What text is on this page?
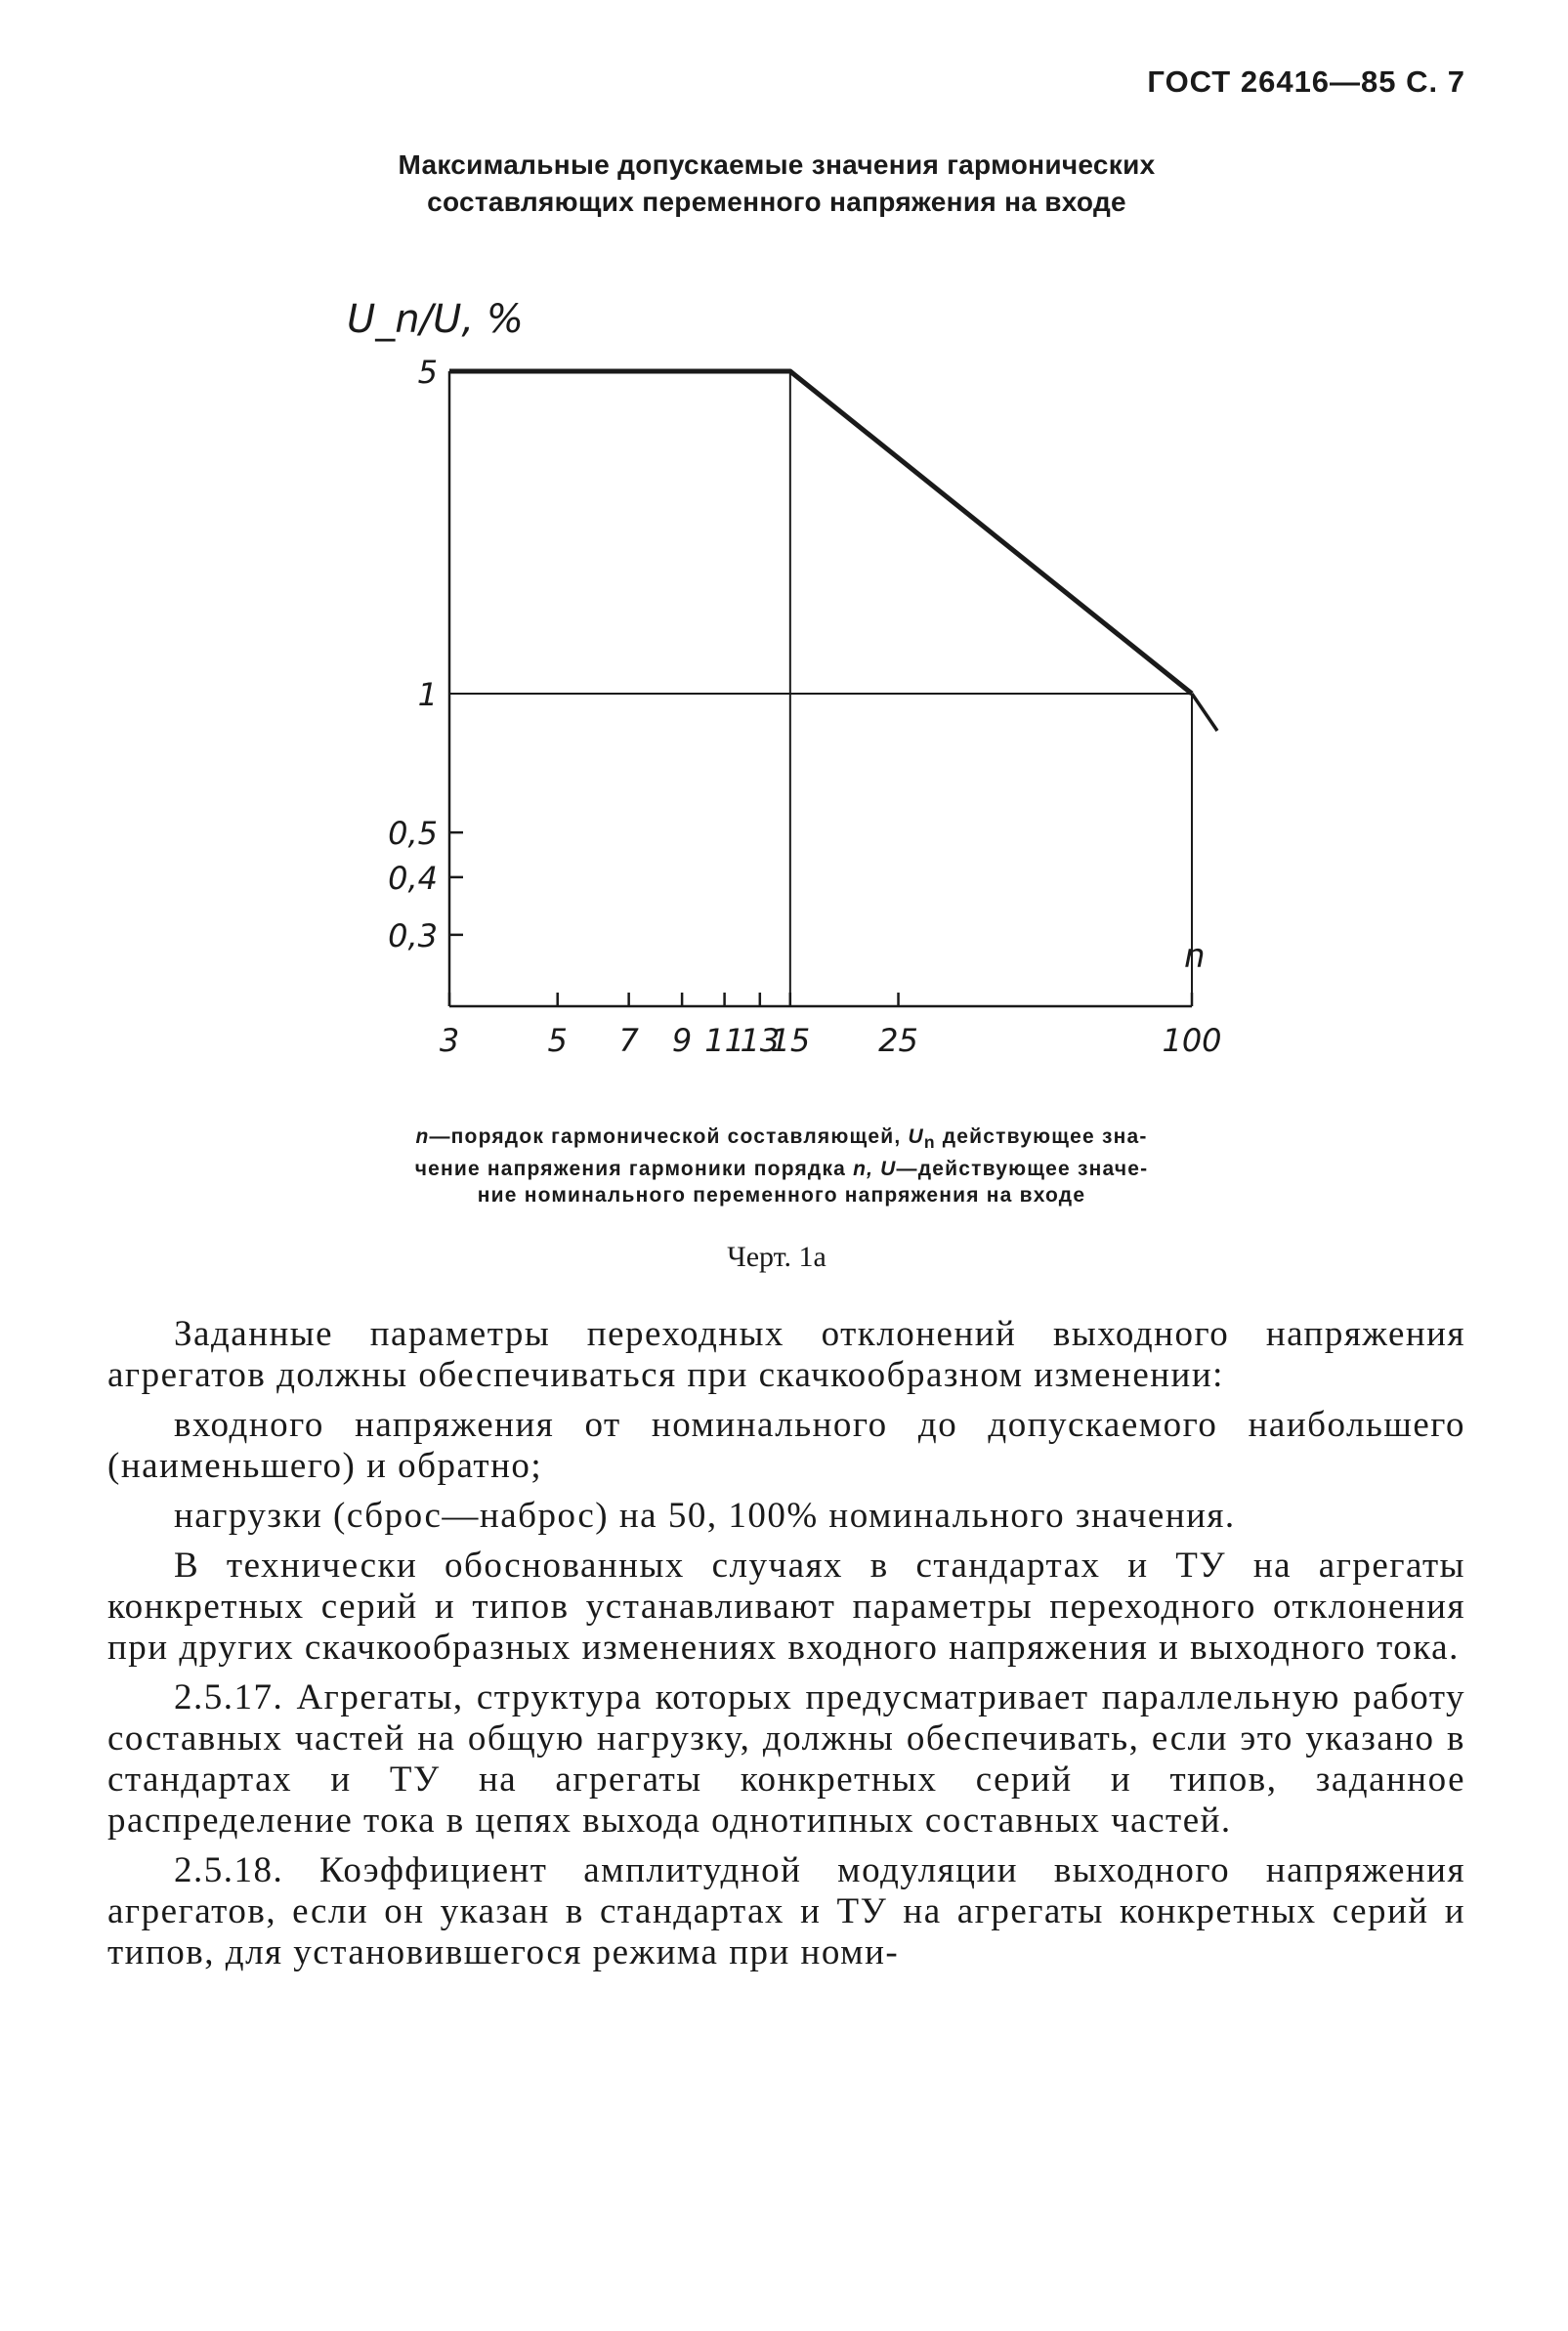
ГОСТ 26416—85 С. 7
Максимальные допускаемые значения гармонических
составляющих переменного напряжения на входе
5
1
0,5
0,4
0,3
3	5 7 9 11
13
15 25	100
U_n/U, %
n
n—порядок гармонической составляющей, $U_n$ действующее зна-
чение напряжения гармоники порядка n, U—действующее значе-
ние номинального переменного напряжения на входе
Черт. 1а

Заданные параметры переходных отклонений выходного напряжения агрегатов должны обеспечиваться при скачкообразном изменении:

входного напряжения от номинального до допускаемого наибольшего (наименьшего) и обратно;

нагрузки (сброс—наброс) на 50, 100% номинального значения.

В технически обоснованных случаях в стандартах и ТУ на агрегаты конкретных серий и типов устанавливают параметры переходного отклонения при других скачкообразных изменениях входного напряжения и выходного тока.

2.5.17. Агрегаты, структура которых предусматривает параллельную работу составных частей на общую нагрузку, должны обеспечивать, если это указано в стандартах и ТУ на агрегаты конкретных серий и типов, заданное распределение тока в цепях выхода однотипных составных частей.

2.5.18. Коэффициент амплитудной модуляции выходного напряжения агрегатов, если он указан в стандартах и ТУ на агрегаты конкретных серий и типов, для установившегося режима при номи-
